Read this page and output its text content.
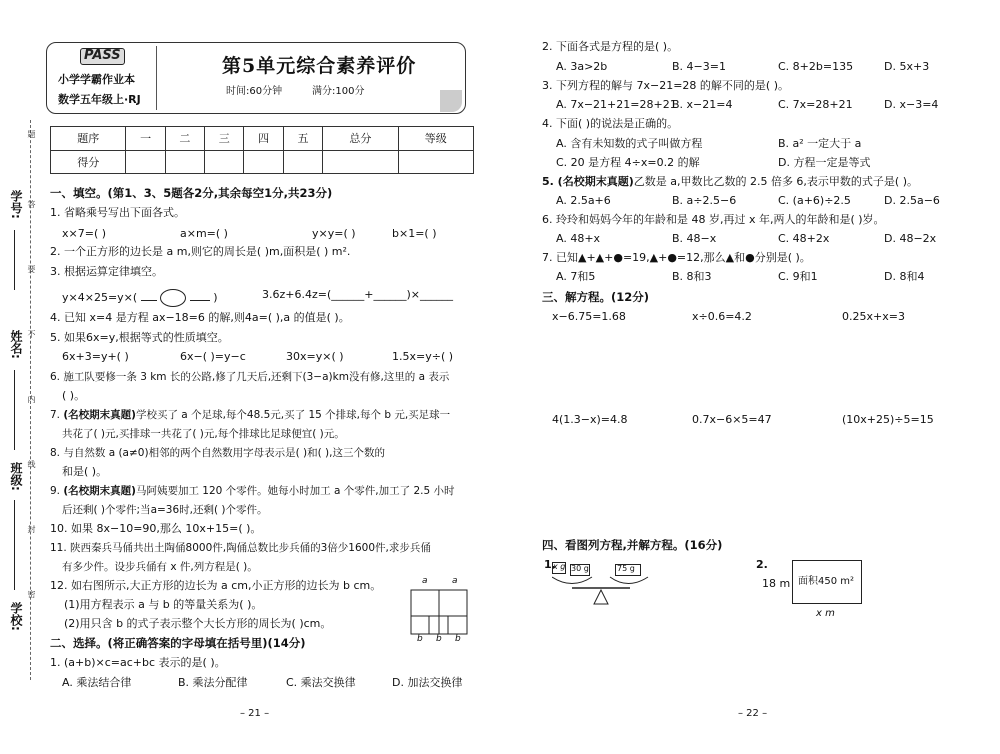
学号:
姓名:
班级:
学校:
题
答
要
不
内
线
封
密
PASS
小学学霸作业本
数学五年级上·RJ
第5单元综合素养评价
时间:60分钟	满分:100分
题序	一	二	三	四	五	总分	等级
得分							
一、填空。(第1、3、5题各2分,其余每空1分,共23分)
1. 省略乘号写出下面各式。
x×7=( )	a×m=( )	y×y=( )	b×1=( )
2. 一个正方形的边长是 a m,则它的周长是( )m,面积是( ) m².
3. 根据运算定律填空。
y×4×25=y×(	)	3.6z+6.4z=(______+______)×______
4. 已知 x=4 是方程 ax−18=6 的解,则4a=( ),a 的值是( )。
5. 如果6x=y,根据等式的性质填空。
6x+3=y+( )	6x−( )=y−c	30x=y×( )	1.5x=y÷( )
6. 施工队要修一条 3 km 长的公路,修了几天后,还剩下(3−a)km没有修,这里的 a 表示
( )。
7. (名校期末真题)学校买了 a 个足球,每个48.5元,买了 15 个排球,每个 b 元,买足球一
共花了( )元,买排球一共花了( )元,每个排球比足球便宜( )元。
8. 与自然数 a (a≠0)相邻的两个自然数用字母表示是( )和( ),这三个数的
和是( )。
9. (名校期末真题)马阿姨要加工 120 个零件。她每小时加工 a 个零件,加工了 2.5 小时
后还剩( )个零件;当a=36时,还剩( )个零件。
10. 如果 8x−10=90,那么 10x+15=( )。
11. 陕西秦兵马俑共出土陶俑8000件,陶俑总数比步兵俑的3倍少1600件,求步兵俑
有多少件。设步兵俑有 x 件,列方程是( )。
12. 如右图所示,大正方形的边长为 a cm,小正方形的边长为 b cm。
(1)用方程表示 a 与 b 的等量关系为( )。
(2)用只含 b 的式子表示整个大长方形的周长为( )cm。
a	a
b b b
二、选择。(将正确答案的字母填在括号里)(14分)
1. (a+b)×c=ac+bc 表示的是( )。
A. 乘法结合律	B. 乘法分配律	C. 乘法交换律	D. 加法交换律
– 21 –
2. 下面各式是方程的是( )。
A. 3a>2b	B. 4−3=1	C. 8+2b=135	D. 5x+3
3. 下列方程的解与 7x−21=28 的解不同的是( )。
A. 7x−21+21=28+21
B. x−21=4	C. 7x=28+21	D. x−3=4
4. 下面( )的说法是正确的。
A. 含有未知数的式子叫做方程	B. a² 一定大于 a
C. 20 是方程 4÷x=0.2 的解	D. 方程一定是等式
5. (名校期末真题)乙数是 a,甲数比乙数的 2.5 倍多 6,表示甲数的式子是( )。
A. 2.5a+6	B. a÷2.5−6	C. (a+6)÷2.5	D. 2.5a−6
6. 玲玲和妈妈今年的年龄和是 48 岁,再过 x 年,两人的年龄和是( )岁。
A. 48+x	B. 48−x	C. 48+2x	D. 48−2x
7. 已知▲+▲+●=19,▲+●=12,那么▲和●分别是( )。
A. 7和5	B. 8和3	C. 9和1	D. 8和4
三、解方程。(12分)
x−6.75=1.68	x÷0.6=4.2	0.25x+x=3
4(1.3−x)=4.8	0.7x−6×5=47	(10x+25)÷5=15
四、看图列方程,并解方程。(16分)
1.
x g 30 g	75 g	2.
18 m 面积450 m²
x m
– 22 –
